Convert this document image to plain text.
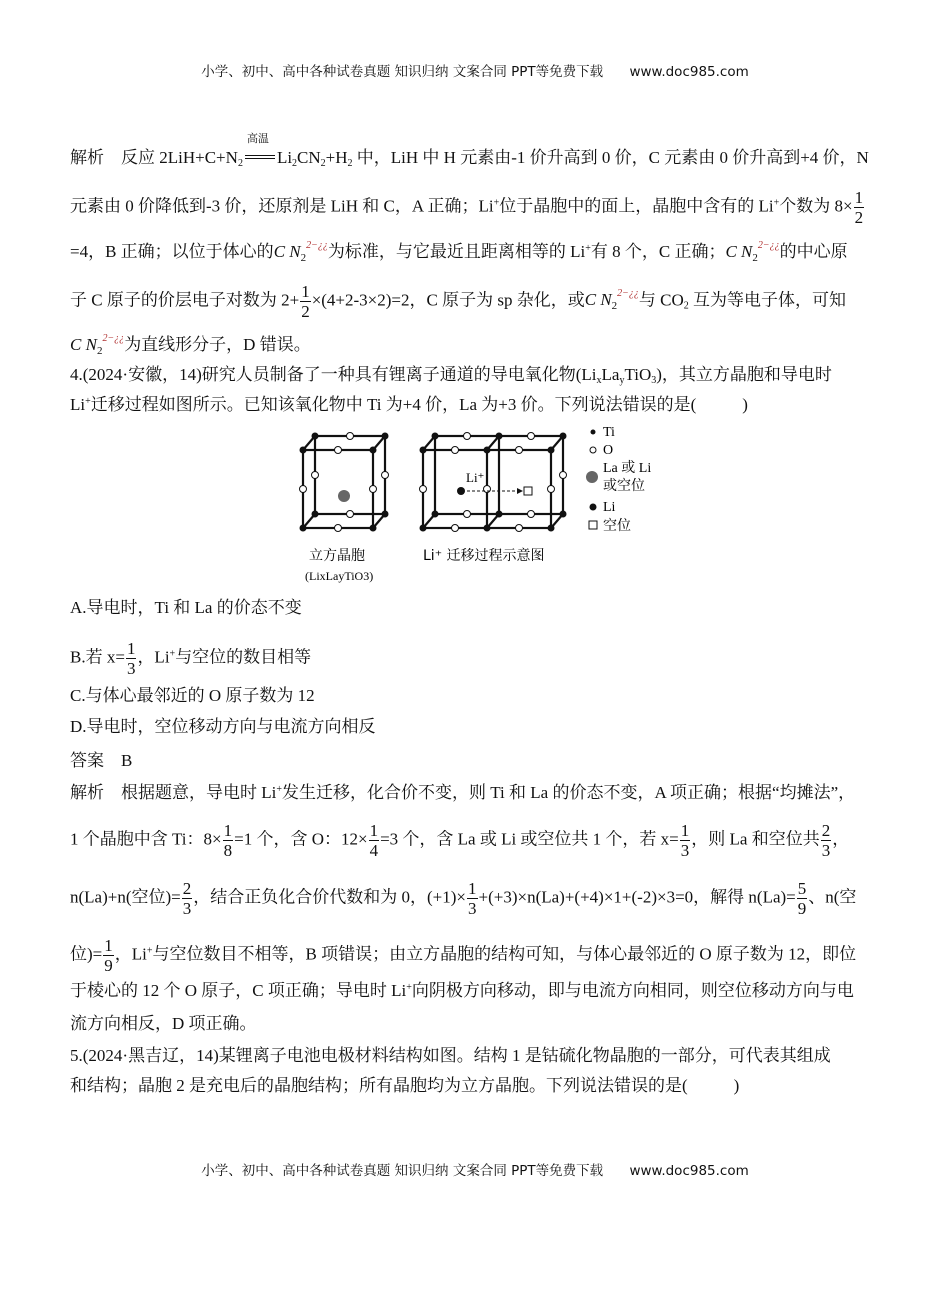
小学、初中、高中各种试卷真题 知识归纳 文案合同 PPT等免费下载 www.doc985.com
解析 反应 $2LiH+C+N_2$
高温
$Li_2CN_2+H_2$ 中，LiH 中 H 元素由-1 价升高到 0 价，C 元素由 0 价升高到+4 价，N
元素由 0 价降低到-3 价，还原剂是 LiH 和 C，A 正确；Li+位于晶胞中的面上，晶胞中含有的 Li+个数为 $8\times \frac{1}{2}$
=4，B 正确；以位于体心的C $N_2^{2-¿¿}$为标准，与它最近且距离相等的 Li+有 8 个，C 正确；C $N_2^{2-¿¿}$的中心原
子 C 原子的价层电子对数为 $2+ \frac{1}{2} \times(4+2-3\times 2)=2$，C 原子为 sp 杂化，或C $N_2^{2-¿¿}$与 $CO_2$ 互为等电子体，可知
C $N_2^{2-¿¿}$为直线形分子，D 错误。
4.(2024·安徽，14)研究人员制备了一种具有锂离子通道的导电氧化物$(Li_xLa_yTiO_3)$，其立方晶胞和导电时
Li+迁移过程如图所示。已知该氧化物中 Ti 为+4 价，La 为+3 价。下列说法错误的是(	)
Li⁺
Ti
O
La 或 Li
或空位
Li
空位
立方晶胞
(LixLayTiO3)
Li⁺ 迁移过程示意图
A.导电时，Ti 和 La 的价态不变
B.若 $x= \frac{1}{3}$ ，Li+与空位的数目相等
C.与体心最邻近的 O 原子数为 12
D.导电时，空位移动方向与电流方向相反
答案 B
解析 根据题意，导电时 Li+发生迁移，化合价不变，则 Ti 和 La 的价态不变，A 项正确；根据“均摊法”，
1 个晶胞中含 Ti：$8\times \frac{1}{8} =1$ 个，含 O：$12\times \frac{1}{4} =3$ 个，含 La 或 Li 或空位共 1 个，若 $x= \frac{1}{3}$ ，则 La 和空位共 $\frac{2}{3}$ ，
n(La)+n(空位)= $\frac{2}{3}$ ，结合正负化合价代数和为 0，$(+1)\times \frac{1}{3} +(+3)\times n(La)+(+4)\times 1+(-2)\times 3=0$，解得 $n(La)= \frac{5}{9}$ 、n(空
位)= $\frac{1}{9}$ ，Li+与空位数目不相等，B 项错误；由立方晶胞的结构可知，与体心最邻近的 O 原子数为 12，即位
于棱心的 12 个 O 原子，C 项正确；导电时 Li+向阴极方向移动，即与电流方向相同，则空位移动方向与电
流方向相反，D 项正确。
5.(2024·黑吉辽，14)某锂离子电池电极材料结构如图。结构 1 是钴硫化物晶胞的一部分，可代表其组成
和结构；晶胞 2 是充电后的晶胞结构；所有晶胞均为立方晶胞。下列说法错误的是(	)
小学、初中、高中各种试卷真题 知识归纳 文案合同 PPT等免费下载 www.doc985.com
